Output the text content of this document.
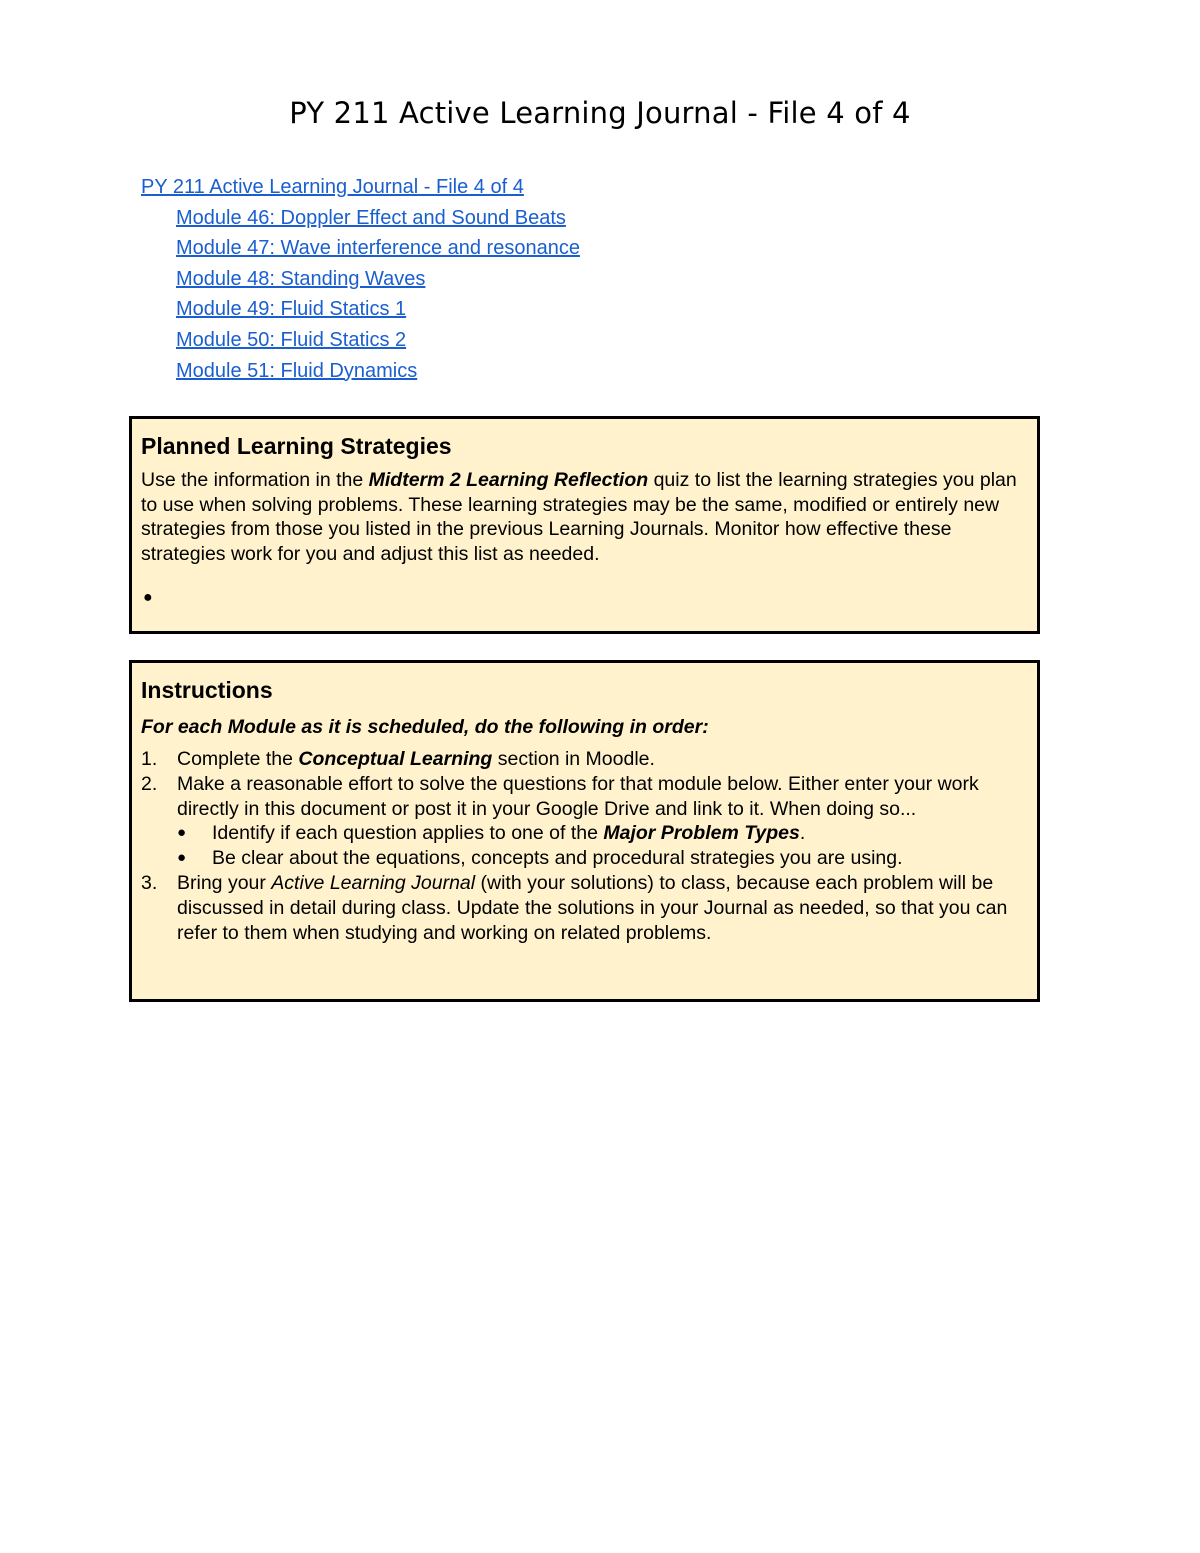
PY 211 Active Learning Journal - File 4 of 4
PY 211 Active Learning Journal - File 4 of 4
Module 46: Doppler Effect and Sound Beats
Module 47: Wave interference and resonance
Module 48: Standing Waves
Module 49: Fluid Statics 1
Module 50: Fluid Statics 2
Module 51: Fluid Dynamics
Planned Learning Strategies

Use the information in the Midterm 2 Learning Reflection quiz to list the learning strategies you plan to use when solving problems. These learning strategies may be the same, modified or entirely new strategies from those you listed in the previous Learning Journals. Monitor how effective these strategies work for you and adjust this list as needed.

●
Instructions
For each Module as it is scheduled, do the following in order:
1. Complete the Conceptual Learning section in Moodle.
2. Make a reasonable effort to solve the questions for that module below. Either enter your work directly in this document or post it in your Google Drive and link to it. When doing so...
● Identify if each question applies to one of the Major Problem Types.
● Be clear about the equations, concepts and procedural strategies you are using.
3. Bring your Active Learning Journal (with your solutions) to class, because each problem will be discussed in detail during class. Update the solutions in your Journal as needed, so that you can refer to them when studying and working on related problems.
